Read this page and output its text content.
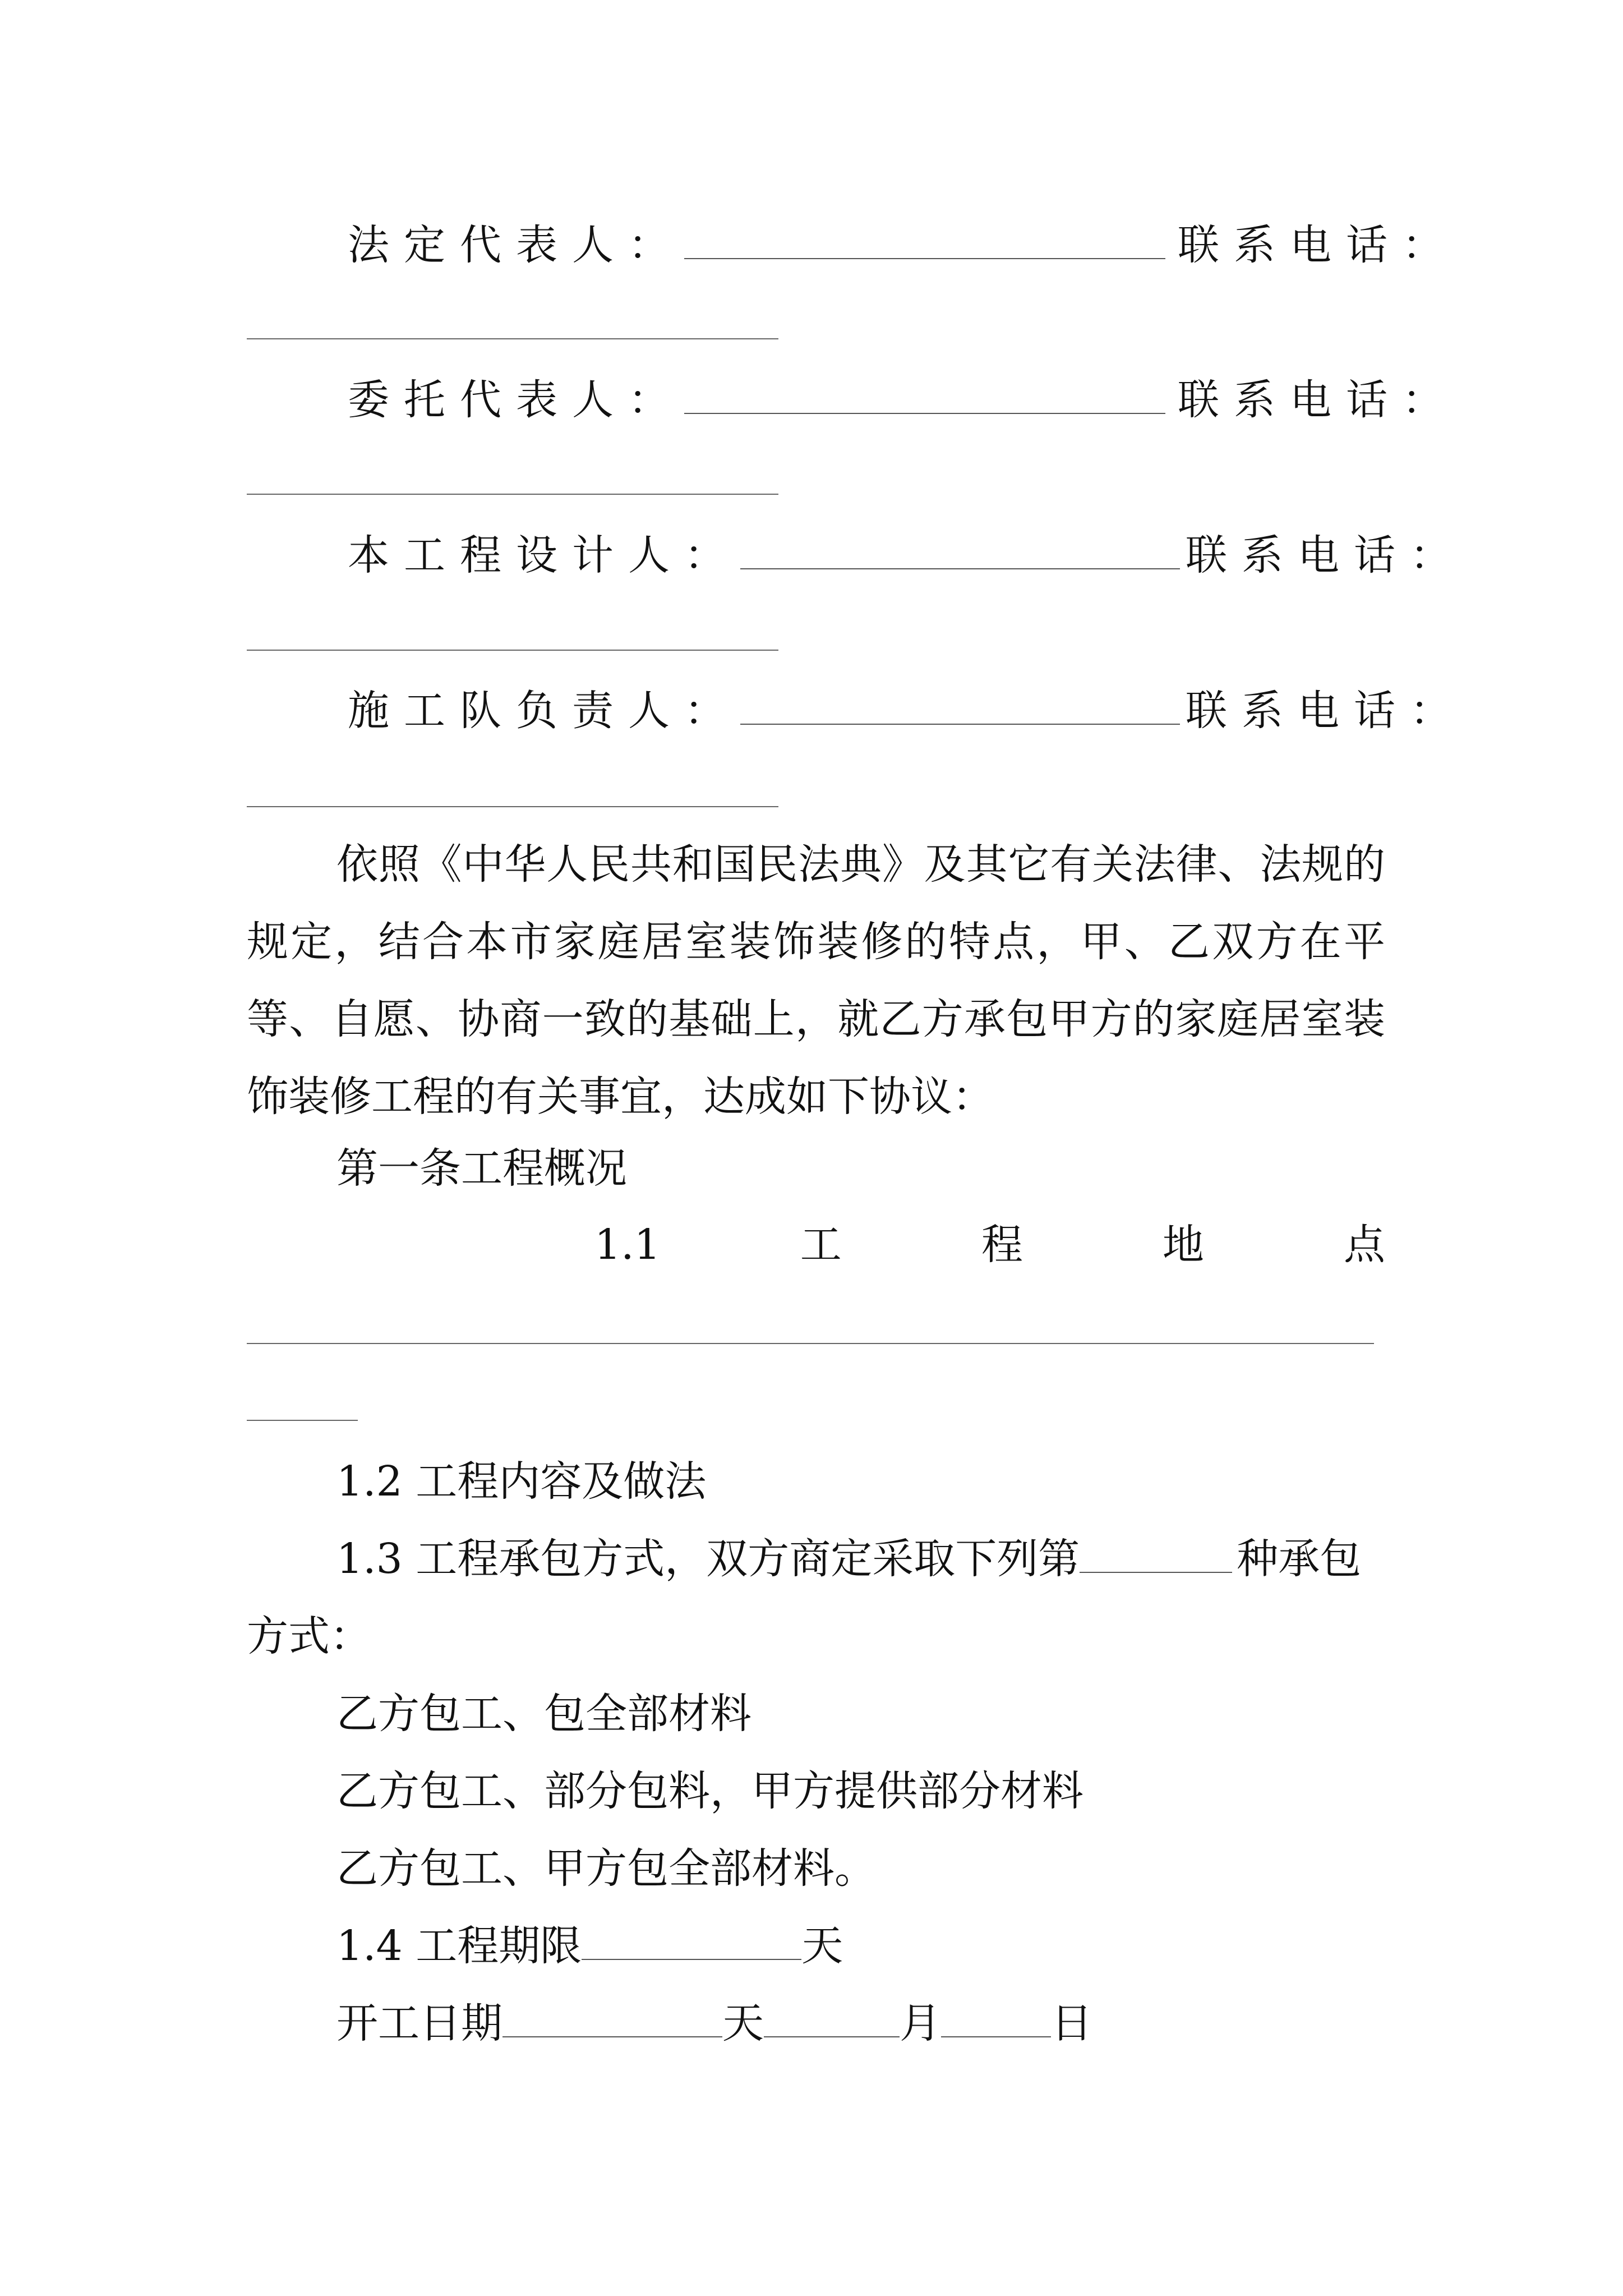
法定代表人：	联系电话：
委托代表人：	联系电话：
本工程设计人：	联系电话：
施工队负责人：	联系电话：
依照《中华人民共和国民法典》及其它有关法律、法规的规定，结合本市家庭居室装饰装修的特点，甲、乙双方在平等、自愿、协商一致的基础上，就乙方承包甲方的家庭居室装饰装修工程的有关事宜，达成如下协议：
第一条工程概况
1.1	工	程	地	点
1.2 工程内容及做法
1.3 工程承包方式，双方商定采取下列第	种承包
方式：
乙方包工、包全部材料
乙方包工、部分包料，甲方提供部分材料
乙方包工、甲方包全部材料。
1.4 工程期限	天
开工日期	天	月	日
